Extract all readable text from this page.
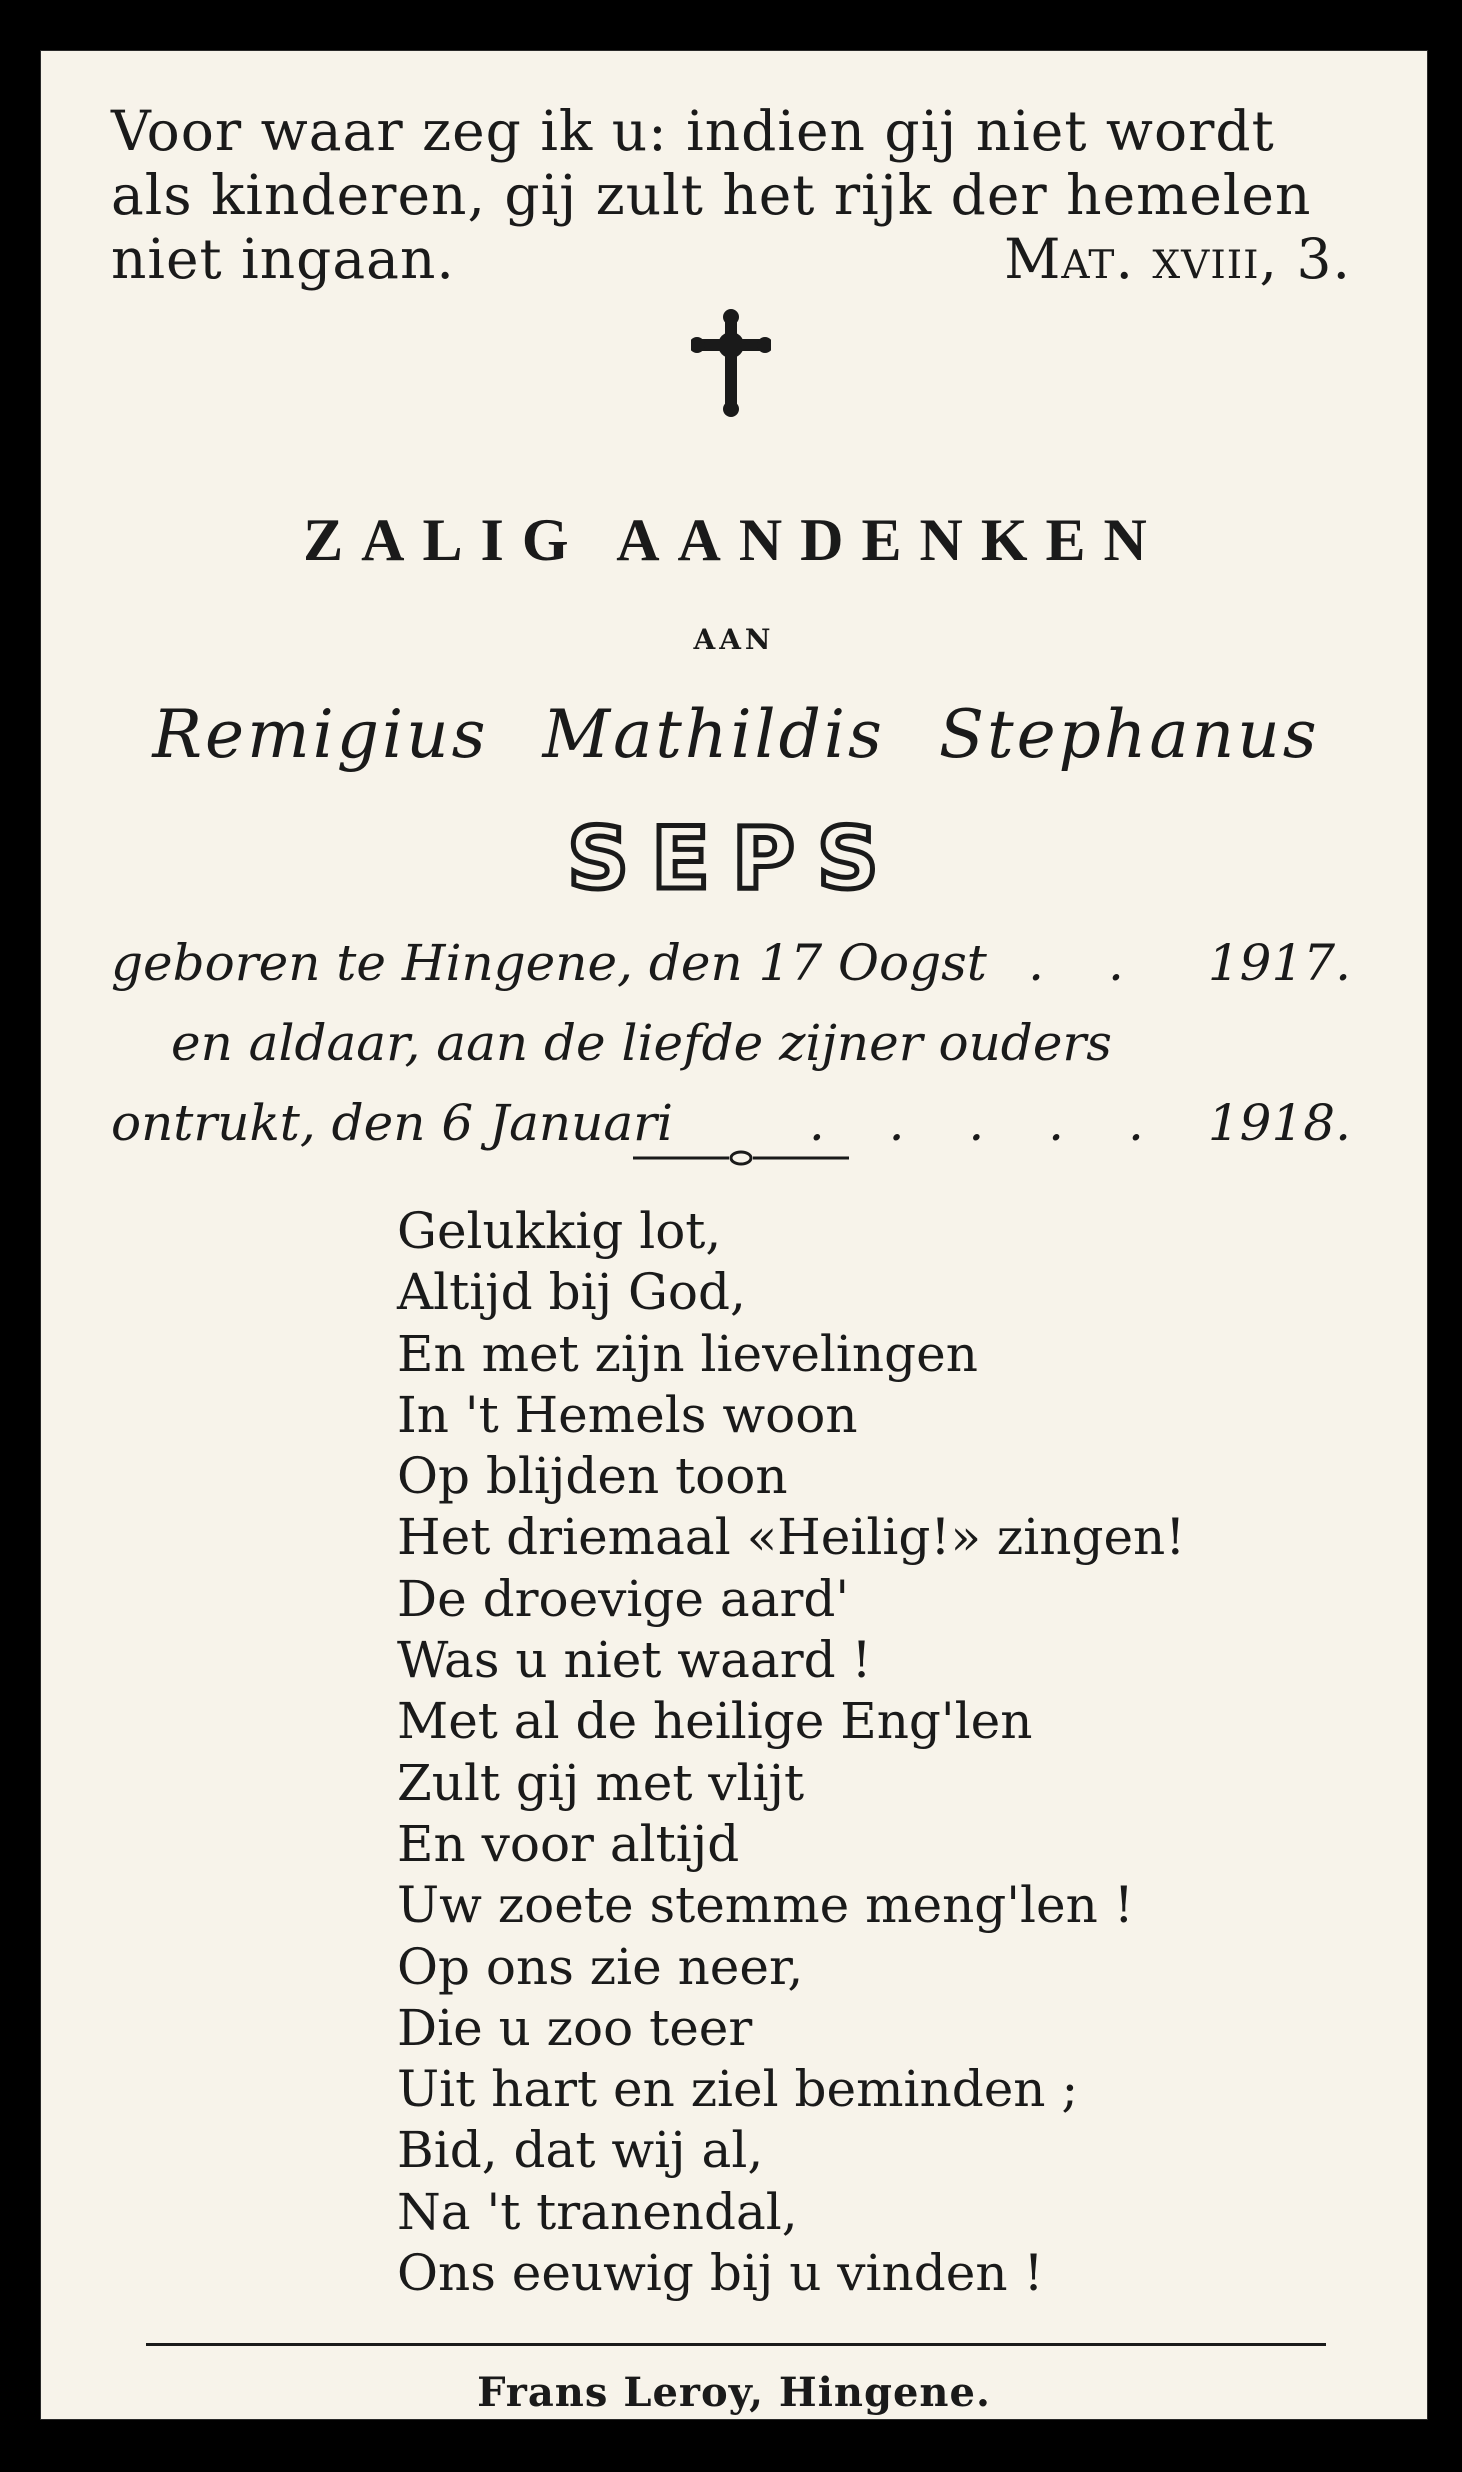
Voor waar zeg ik u: indien gij niet wordt
als kinderen, gij zult het rijk der hemelen
niet ingaan.	Mat. xviii, 3.
ZALIG AANDENKEN
AAN
Remigius Mathildis Stephanus
SEPS
geboren te Hingene, den 17 Oogst . . 1917.
en aldaar, aan de liefde zijner ouders
ontrukt, den 6 Januari	. . . . . 1918.
Gelukkig lot,
Altijd bij God,
En met zijn lievelingen
In 't Hemels woon
Op blijden toon
Het driemaal «Heilig!» zingen!
De droevige aard'
Was u niet waard !
Met al de heilige Eng'len
Zult gij met vlijt
En voor altijd
Uw zoete stemme meng'len !
Op ons zie neer,
Die u zoo teer
Uit hart en ziel beminden ;
Bid, dat wij al,
Na 't tranendal,
Ons eeuwig bij u vinden !
Frans Leroy, Hingene.
